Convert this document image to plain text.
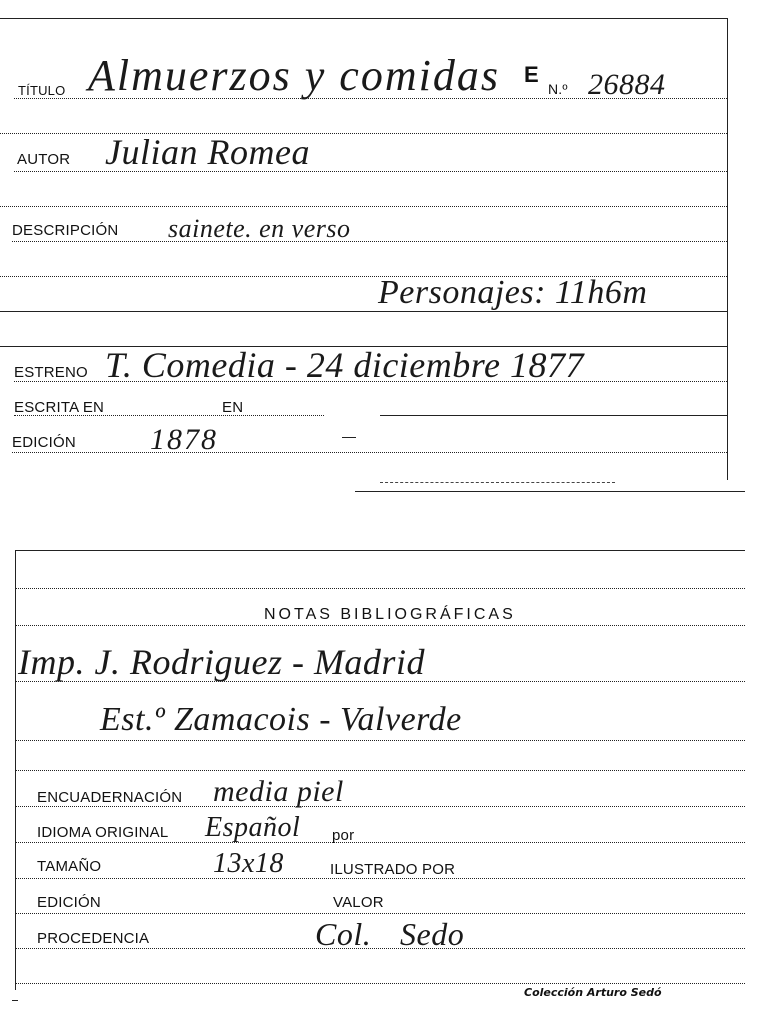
TÍTULO Almuerzos y comidas E
N.º 26884
AUTOR Julian Romea
DESCRIPCIÓN sainete. en verso
Personajes: 11h6m
ESTRENO T. Comedia - 24 diciembre 1877
ESCRITA EN	EN
EDICIÓN 1878
NOTAS BIBLIOGRÁFICAS
Imp. J. Rodriguez - Madrid
Est.º Zamacois - Valverde
ENCUADERNACIÓN media piel
IDIOMA ORIGINAL Español por
TAMAÑO	13x18	ILUSTRADO POR
EDICIÓN	VALOR
PROCEDENCIA	Col. Sedo
Colección Arturo Sedó
